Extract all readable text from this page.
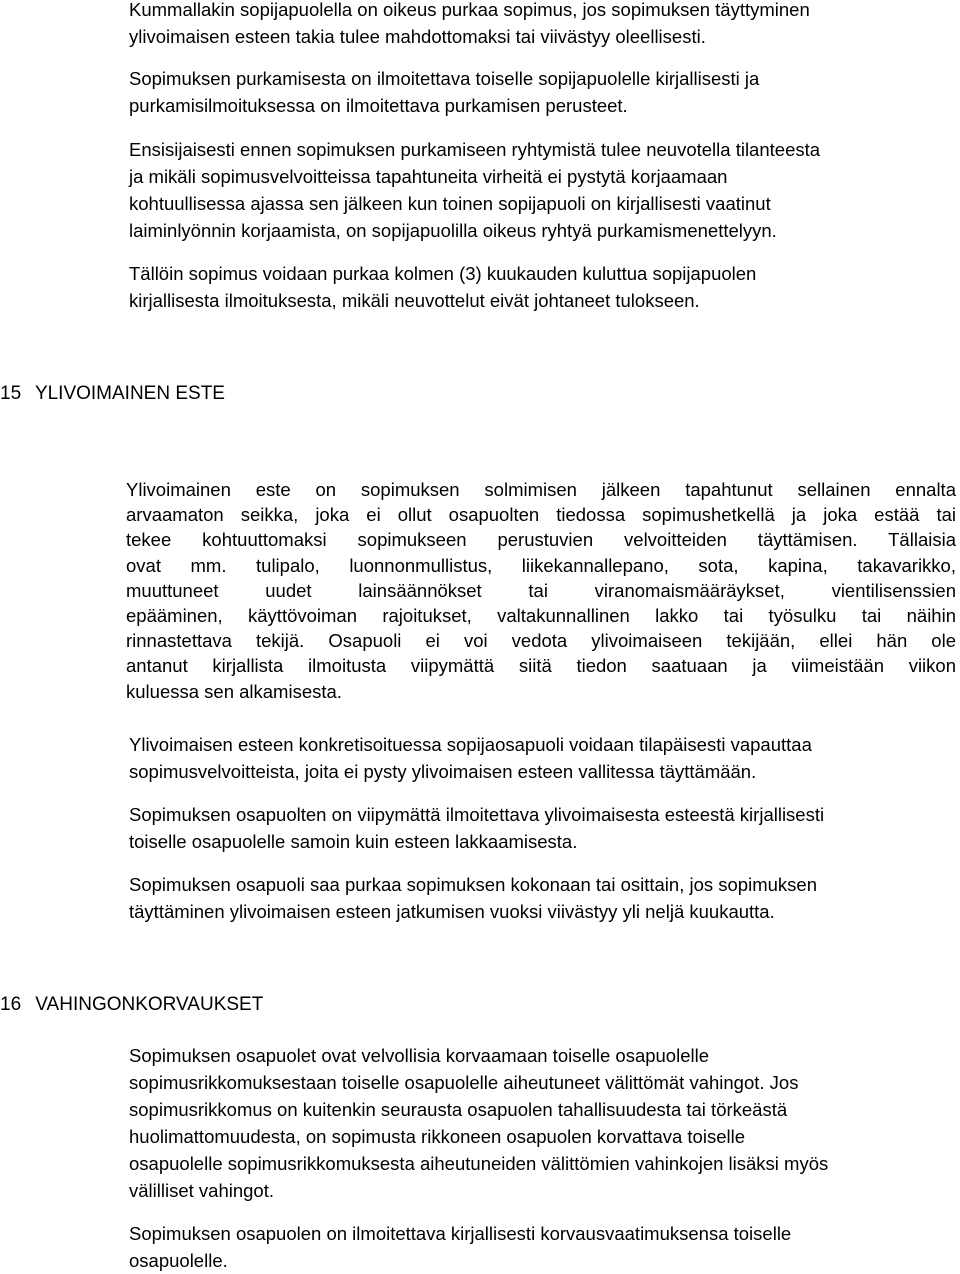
Kummallakin sopijapuolella on oikeus purkaa sopimus, jos sopimuksen täyttyminen
ylivoimaisen esteen takia tulee mahdottomaksi tai viivästyy oleellisesti.
Sopimuksen purkamisesta on ilmoitettava toiselle sopijapuolelle kirjallisesti ja
purkamisilmoituksessa on ilmoitettava purkamisen perusteet.
Ensisijaisesti ennen sopimuksen purkamiseen ryhtymistä tulee neuvotella tilanteesta
ja mikäli sopimusvelvoitteissa tapahtuneita virheitä ei pystytä korjaamaan
kohtuullisessa ajassa sen jälkeen kun toinen sopijapuoli on kirjallisesti vaatinut
laiminlyönnin korjaamista, on sopijapuolilla oikeus ryhtyä purkamismenettelyyn.
Tällöin sopimus voidaan purkaa kolmen (3) kuukauden kuluttua sopijapuolen
kirjallisesta ilmoituksesta, mikäli neuvottelut eivät johtaneet tulokseen.
15 YLIVOIMAINEN ESTE
Ylivoimainen este on sopimuksen solmimisen jälkeen tapahtunut sellainen ennalta
arvaamaton seikka, joka ei ollut osapuolten tiedossa sopimushetkellä ja joka estää tai
tekee kohtuuttomaksi sopimukseen perustuvien velvoitteiden täyttämisen. Tällaisia
ovat mm. tulipalo, luonnonmullistus, liikekannallepano, sota, kapina, takavarikko,
muuttuneet uudet lainsäännökset tai viranomaismääräykset, vientilisenssien
epääminen, käyttövoiman rajoitukset, valtakunnallinen lakko tai työsulku tai näihin
rinnastettava tekijä. Osapuoli ei voi vedota ylivoimaiseen tekijään, ellei hän ole
antanut kirjallista ilmoitusta viipymättä siitä tiedon saatuaan ja viimeistään viikon
kuluessa sen alkamisesta.
Ylivoimaisen esteen konkretisoituessa sopijaosapuoli voidaan tilapäisesti vapauttaa
sopimusvelvoitteista, joita ei pysty ylivoimaisen esteen vallitessa täyttämään.
Sopimuksen osapuolten on viipymättä ilmoitettava ylivoimaisesta esteestä kirjallisesti
toiselle osapuolelle samoin kuin esteen lakkaamisesta.
Sopimuksen osapuoli saa purkaa sopimuksen kokonaan tai osittain, jos sopimuksen
täyttäminen ylivoimaisen esteen jatkumisen vuoksi viivästyy yli neljä kuukautta.
16 VAHINGONKORVAUKSET
Sopimuksen osapuolet ovat velvollisia korvaamaan toiselle osapuolelle
sopimusrikkomuksestaan toiselle osapuolelle aiheutuneet välittömät vahingot. Jos
sopimusrikkomus on kuitenkin seurausta osapuolen tahallisuudesta tai törkeästä
huolimattomuudesta, on sopimusta rikkoneen osapuolen korvattava toiselle
osapuolelle sopimusrikkomuksesta aiheutuneiden välittömien vahinkojen lisäksi myös
välilliset vahingot.
Sopimuksen osapuolen on ilmoitettava kirjallisesti korvausvaatimuksensa toiselle
osapuolelle.
